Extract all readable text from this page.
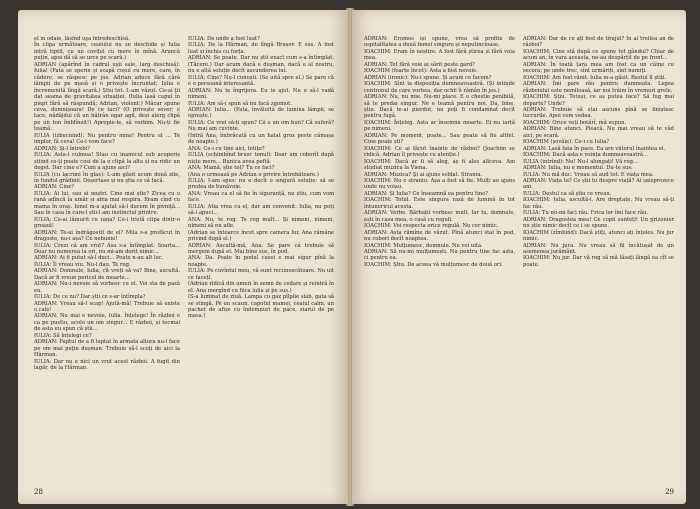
el in odaie, lăsînd uşa întredeschisă.

În clipa următoare, ceaiului nu se deschide și Iulia intră tiptil, cu un covițel cu mere în mînă. Aruncă puțin, apoi dă să se urce pe scară.)

ADRIAN (apărînd în cadrul ușii sale, larg deschisă): Iulia! (Fata se sperie și scapă coșul cu mere, care, în cădere, se răspesc pe jos. Adrian aduce fără cârâ lămpii de pe masă și o privește încruntat; Iulia e încremenită lîngă scară.) Știu tot. L-am văzut. Ce-ai ții dat seama de gravitatea situației. (Iulia lasă capul în piept fără să răspundă; Adrian, violent:) Măcar spune ceva, domnișoara! De ce taci? (O privește sever; e tace, nădăjdui că un bătrân ogar agil, deși alerg clipă pe un ton îmblînzit!) Apropie-te, să vorbim. Nu-ți fie teamă.

IULIA (izbucnind): Nu pentru mine! Pentru el ... Te implor, fă ceva! Ce-i vom face?

ADRIAN: Și-l întrebi?

IULIA: Asta-i culmea! Stau cu inamicul sub acoperiș știind ce-ți poate cosi de la o clipă la alta și nu ridic un deget. Dar cine e? Cum a ajuns aici?

IULIA (cu lacrimi în glas): L-am găsit acum două zile, în fundul grădinii. Deșertase și nu știa ce să facă.

ADRIAN: Cine?

IULIA: Ai lui, sau ai noștri. Cine mai știe? Zicea cu o rană adîncă la umăr și abia mai respira. Eram cînd cu mama în oraș. Ionel m-a ajutat să-l ducem în pivniță... Sau în casa în care-l știi-l am instinctul printre.

IULIA: Ce-ai lămurit cu rana? Ce-i tristă clipa dintr-o groază!

ADRIAN: Te-ai îndrăgostit de el? Mila s-a prefăcut în dragoste, nu-i așa? Ce nebunie!

IULIA: Crezi că am vrut? Asa s-a întîmplat. Soarta... Doar nu numerea la ori, nu mi-am dorit nimic...

ADRIAN: Ai fi putut să-l duci... Poate n-au alt loc.

IULIA: Îl vreau viu. Nu-l dau. Te rog.

ADRIAN: Domnule, Iulia, cît vreți să va? Bine, ascultă. Dacă ar fi vreun pericol de moarte...

ADRIAN: Nu-i nevoie să vorbesc cu el. Voi sta de pază eu.

IULIA: De ce nu? Dar știi ce s-ar întîmpla?

ADRIAN: Vreau să-l scap! Ajută-mă! Trebuie să existe o cale!

ADRIAN: Nu mai e nevoie, Iulia. Înțelege! În război e ca pe pustiu, acolo un om singur... E război, și tocmai de asta eu spun că știi...

IULIA: Să înțelegi ce?

ADRIAN: Faptul de a fi luptat în armata altora nu-l face pe om mai puțin dușman. Trebuie să-l scoți de aici la Hărman.

IULIA: Dar nu e nici un vrut acest război. A fugit din lagăr, de la Hărman.

IULIA: De unde a fost luat?

IULIA: De la Hărman, de lîngă Brașov. E sus. A fost luat și închis cu forța.

ADRIAN: Se poate. Dar nu știi exact cum s-a întîmplat. (Tăcere.) Dar acum dacă e dușman, dacă e al nostru, nu e altă soluție decît ascunderea lui.

IULIA: Cine? Nu-l cunoști. (Se uită spre el.) Se pare că e o persoană interesantă.

ADRIAN: Nu te îngrijora. Eu te ajut. Nu o să-l vadă nimeni.

IULIA: Am să-i spun să nu facă zgomot.

ADRIAN: Iulia... (Fata, învăluită de lumina lămpii, se oprește.)

IULIA: Ce vrei să-ți spun? Că e un om bun? Că suferă? Nu mai am cuvinte.

(Intră Ana, îmbrăcată cu un halat gros peste cămașa de noapte.)

ANA: Ce-i cu tine aici, fetițo?

IULIA (schimbînd brusc tonul): Doar am coborît după niște mere... Bunica avea poftă.

ANA: Mamă, știe tot? Tu ce faci?

(Ana o urmează pe Adrian o privire întrebătoare.)

IULIA: I-am spus: nu e decît o singură soluție: să se predea de bunăvoie.

ANA: Vreau ca el să fie în siguranță, nu știu, cum vom face.

IULIA: Atia vrea ca el, dar am convenit: Iulia, nu poți să-l apuci...

ANA: Nu, te rog. Te rog mult... Și nimeni, nimeni, nimeni să nu afle.

(Adrian se întoarce încet spre camera lui; Ana rămâne privind după el.)

ADRIAN: Ascultă-mă, Ana. Se pare că trebuie să mergem după el. Mai bine sus, în pod.

ANA: Da. Poate în podul casei e mai sigur pînă la noapte.

IULIA: Pe cuvîntul meu, vă sunt recunoscătoare. Nu uit ce faceți.

(Adrian ridică din umeri în semn de cedare și reintră în el. Ana mergînd cu fiica iulia și pe sus.)

(S-a luminat de ziuă. Lampa cu gaz pîlpîie slab, gata să se stingă. Pe un scaun, capotul mamei, ceaiul calm, un pachet de afișe cu îndemnuri de pace, ziarul de pe masa.)

28

ADRIAN: Eromos își spune, vrea să profite de ospitalitatea a două femei singure și neputincioase.

IOACHIM: Eram în neștire. A fost fără știrea și fără voia mea.

ADRIAN: Tot fără voie ai sărit peste gard?

IOACHIM (foarte încet): Asta a fost nevoie.

ADRIAN (ironic): Nu-i spune. Și acum ce facem?

IOACHIM: Sînt la dispoziția dumneavoastră. (Și intinde centronul de care vorbea, dar ochii îi rămân în jos.)

ADRIAN: Nu, nu mie. Nu-mi place. E o chestie penibilă, să te predai singur. Ne e teamă pentru noi. Da, bine, știu. Dacă te-ai pierdut, nu poți fi condamnat decît pentru fugă.

IOACHIM: Înțeleg. Asta ar însemna moarte. Ei nu iartă pe nimeni.

ADRIAN: Pe moment, poate... Sau poate să fie altfel. Cine poate ști?

IOACHIM: Ce ai făcut înainte de război? (Joachim se ridică, Adrian îl privește cu atenție.)

IOACHIM: Dacă ar fi să aleg, aș fi ales altceva. Am studiat muzica la Viena.

ADRIAN: Muzica? Și ai ajuns soldat. Straniu.

IOACHIM: Nu e straniu. Așa a fost să fie. Mulți au ajuns unde nu voiau.

ADRIAN: Și Iulia? Ce înseamnă ea pentru tine?

IOACHIM: Totul. Este singura rază de lumină în tot întunericul acesta.

ADRIAN: Vorbe. Bărbații vorbesc mult. Iar tu, domnule, ești în casa mea, o casă cu reguli.

IOACHIM: Voi respecta orice regulă. Nu cer nimic.

ADRIAN: Asta rămîne de văzut. Pînă atunci stai în pod, nu cobori decît noaptea.

IOACHIM: Mulțumesc, domnule. Nu voi uita.

ADRIAN: Să nu-mi mulțumești. Nu pentru tine fac asta, ci pentru ea.

IOACHIM: Știu. De aceea vă mulțumesc de două ori.

ADRIAN: Dar de ce ați fost de tirajul? În al treilea an de război?

IOACHIM: Cine stă după ce spune tot gândul? Chiar de acum an, în vara aceasta, ne-au despărțit de pe front...

ADRIAN: În toată țara mea am fost ca un câine cu secera; pe unde trec, sînt urmăriți, sînt numiți.

IOACHIM: Am fost rănit. Iulia m-a găsit. Restul îl știți.

ADRIAN: Îmi pare rău pentru dumneata. Legea războiului este nemiloasă, iar noi trăim în vremuri grele.

IOACHIM: Știu. Totuși, ce aș putea face? Să fug mai departe? Unde?

ADRIAN: Trebuie să stai ascuns pînă se liniștesc lucrurile. Apoi vom vedea.

IOACHIM: Orice veți hotărî, mă supun.

ADRIAN: Bine atunci. Pleacă. Nu mai vreau să te văd aici, pe scară.

IOACHIM (șovăie): Ce-i cu Iulia?

ADRIAN: Lasă fata în pace. Ea are viitorul înaintea ei.

IOACHIM: Dacă asta e voința dumneavoastră...

IULIA (intrînd): Nu! Nu-l alungați! Vă rog...

ADRIAN: Iulia, nu e momentul. Du-te sus.

IULIA: Nu mă duc. Vreau să aud tot. E viața mea.

ADRIAN: Viața ta? Ce știi tu despre viață? Ai șaisprezece ani.

IULIA: Destul ca să știu ce vreau.

IOACHIM: Iulia, ascultă-l. Are dreptate. Nu vreau să-ți fac rău.

IULIA: Tu nu-mi faci rău. Frica lor îmi face rău.

ADRIAN: Dragostea mea! Ce copii sunteți! Un prizonier nu știe nimic decît ce i se spune.

IOACHIM (zîmbind): Dacă știți, atunci ați înțeles. Nu jur nimic.

ADRIAN: Nu jura. Nu vreau să fii încătușat de un asemenea jurământ.

IOACHIM: Nu jur. Dar vă rog să mă lăsați lângă ea cît se poate.

29
